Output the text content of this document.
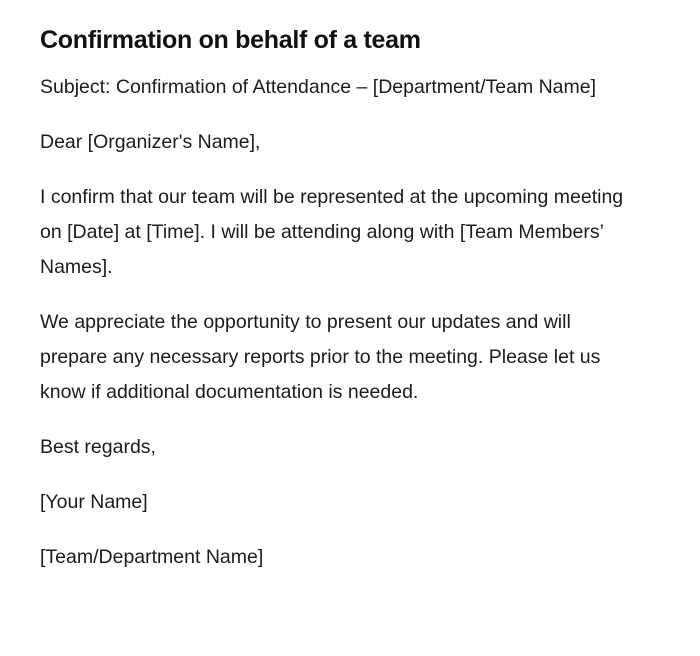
Confirmation on behalf of a team

Subject: Confirmation of Attendance – [Department/Team Name]

Dear [Organizer's Name],

I confirm that our team will be represented at the upcoming meeting on [Date] at [Time]. I will be attending along with [Team Members’ Names].

We appreciate the opportunity to present our updates and will prepare any necessary reports prior to the meeting. Please let us know if additional documentation is needed.

Best regards,

[Your Name]

[Team/Department Name]
